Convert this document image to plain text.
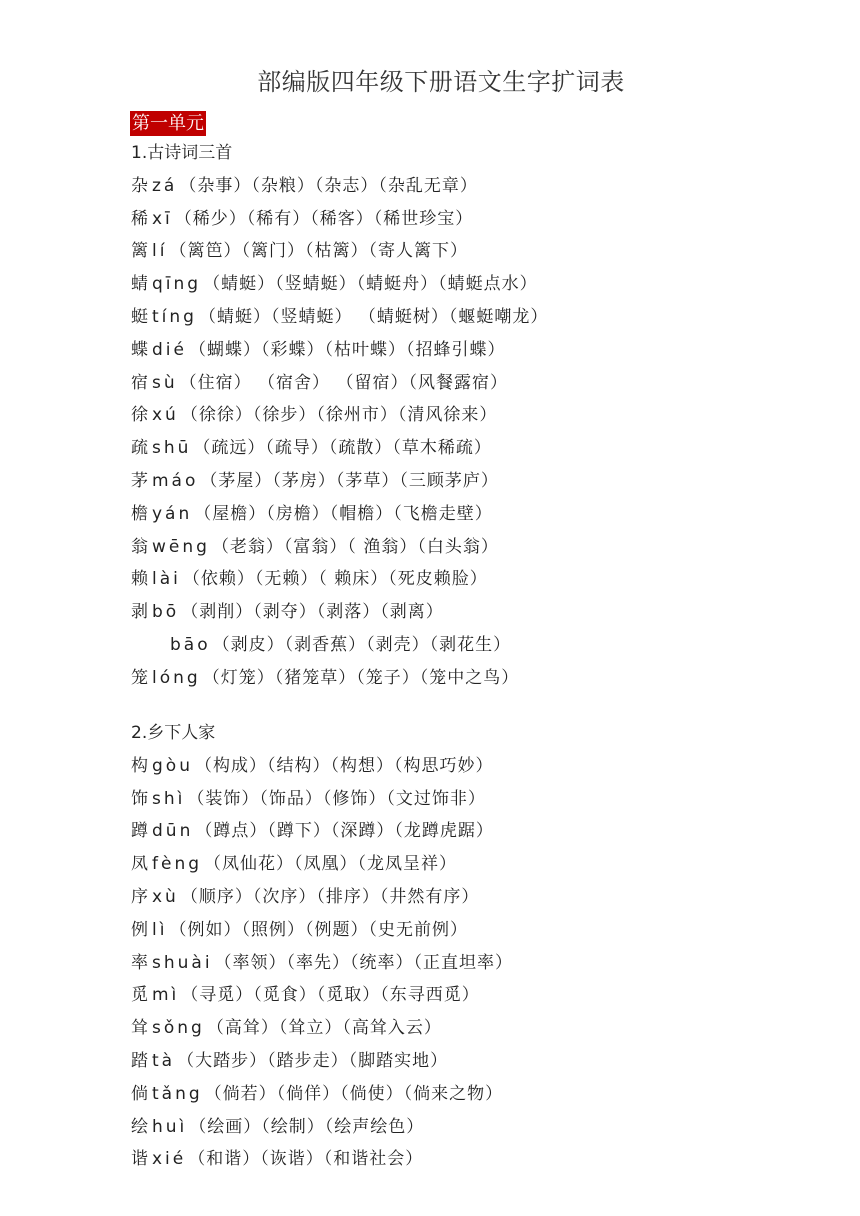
部编版四年级下册语文生字扩词表
第一单元
1.古诗词三首
杂 zá （杂事）（杂粮）（杂志）（杂乱无章）
稀 xī （稀少）（稀有）（稀客）（稀世珍宝）
篱 lí （篱笆）（篱门）（枯篱）（寄人篱下）
蜻 qīng （蜻蜓）（竖蜻蜓）（蜻蜓舟）（蜻蜓点水）
蜓 tíng （蜻蜓）（竖蜻蜓） （蜻蜓树）（蝘蜓嘲龙）
蝶 dié （蝴蝶）（彩蝶）（枯叶蝶）（招蜂引蝶）
宿 sù （住宿） （宿舍） （留宿）（风餐露宿）
徐 xú （徐徐）（徐步）（徐州市）（清风徐来）
疏 shū （疏远）（疏导）（疏散）（草木稀疏）
茅 máo （茅屋）（茅房）（茅草）（三顾茅庐）
檐 yán （屋檐）（房檐）（帽檐）（飞檐走壁）
翁 wēng （老翁）（富翁）（ 渔翁）（白头翁）
赖 lài （依赖）（无赖）（ 赖床）（死皮赖脸）
剥 bō （剥削）（剥夺）（剥落）（剥离）
bāo （剥皮）（剥香蕉）（剥壳）（剥花生）
笼 lóng （灯笼）（猪笼草）（笼子）（笼中之鸟）
2.乡下人家
构 gòu （构成）（结构）（构想）（构思巧妙）
饰 shì （装饰）（饰品）（修饰）（文过饰非）
蹲 dūn （蹲点）（蹲下）（深蹲）（龙蹲虎踞）
凤 fèng （凤仙花）（凤凰）（龙凤呈祥）
序 xù （顺序）（次序）（排序）（井然有序）
例 lì （例如）（照例）（例题）（史无前例）
率 shuài （率领）（率先）（统率）（正直坦率）
觅 mì （寻觅）（觅食）（觅取）（东寻西觅）
耸 sǒng （高耸）（耸立）（高耸入云）
踏 tà （大踏步）（踏步走）（脚踏实地）
倘 tǎng （倘若）（倘佯）（倘使）（倘来之物）
绘 huì （绘画）（绘制）（绘声绘色）
谐 xié （和谐）（诙谐）（和谐社会）
